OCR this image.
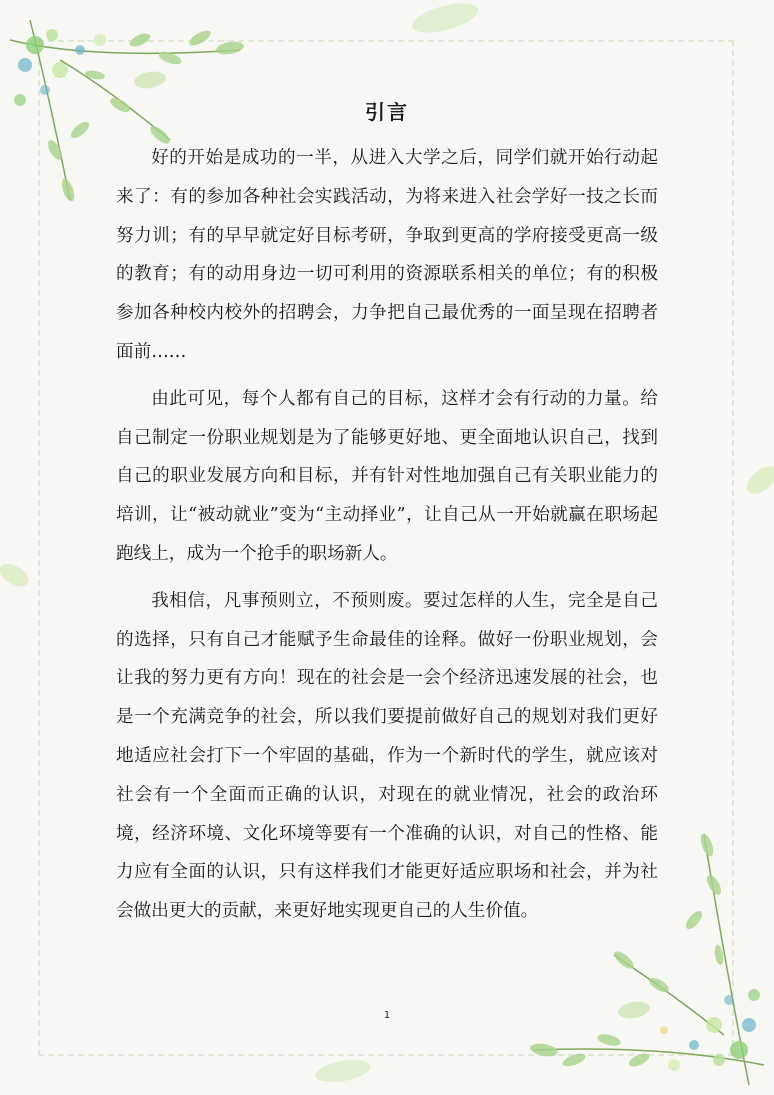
引言

好的开始是成功的一半，从进入大学之后，同学们就开始行动起来了：有的参加各种社会实践活动，为将来进入社会学好一技之长而努力训；有的早早就定好目标考研，争取到更高的学府接受更高一级的教育；有的动用身边一切可利用的资源联系相关的单位；有的积极参加各种校内校外的招聘会，力争把自己最优秀的一面呈现在招聘者面前……

由此可见，每个人都有自己的目标，这样才会有行动的力量。给自己制定一份职业规划是为了能够更好地、更全面地认识自己，找到自己的职业发展方向和目标，并有针对性地加强自己有关职业能力的培训，让“被动就业”变为“主动择业”，让自己从一开始就赢在职场起跑线上，成为一个抢手的职场新人。

我相信，凡事预则立，不预则废。要过怎样的人生，完全是自己的选择，只有自己才能赋予生命最佳的诠释。做好一份职业规划，会让我的努力更有方向！现在的社会是一会个经济迅速发展的社会，也是一个充满竞争的社会，所以我们要提前做好自己的规划对我们更好地适应社会打下一个牢固的基础，作为一个新时代的学生，就应该对社会有一个全面而正确的认识，对现在的就业情况，社会的政治环境，经济环境、文化环境等要有一个准确的认识，对自己的性格、能力应有全面的认识，只有这样我们才能更好适应职场和社会，并为社会做出更大的贡献，来更好地实现更自己的人生价值。

1
